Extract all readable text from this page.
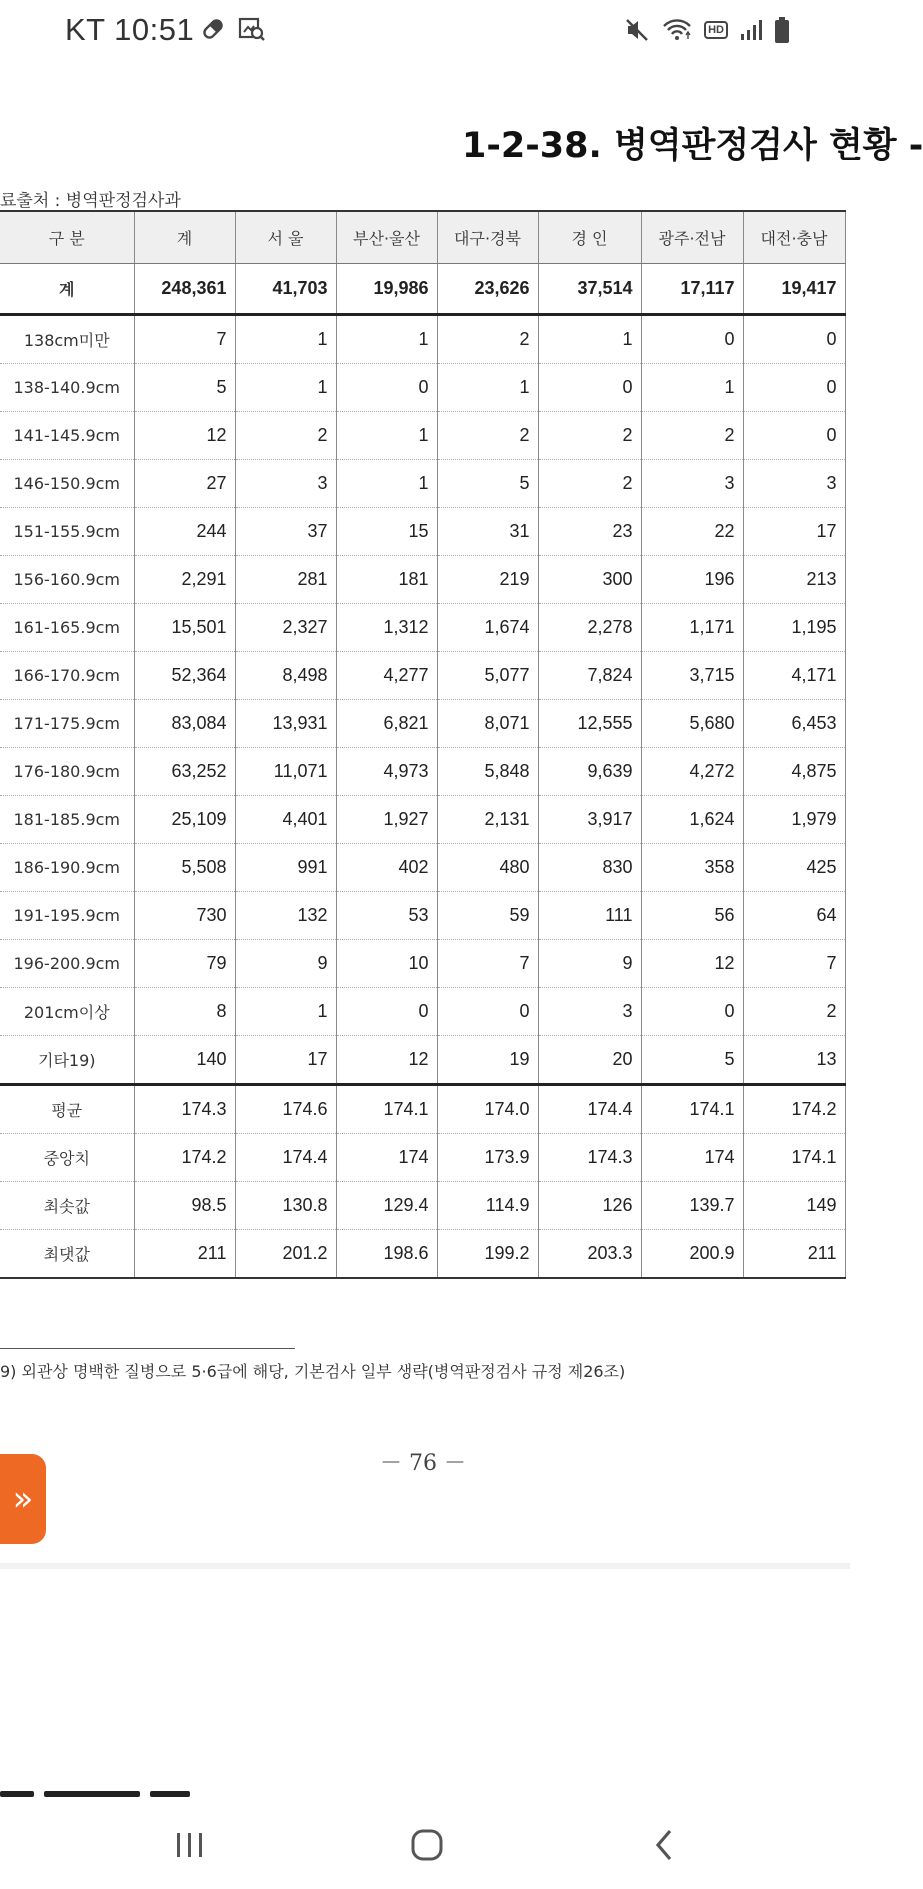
KT 10:51	HD
1-2-38. 병역판정검사 현황 -
료출처 : 병역판정검사과
구 분	계	서 울	부산·울산	대구·경북	경 인	광주·전남	대전·충남
계	248,361	41,703	19,986	23,626	37,514	17,117	19,417
138cm미만	7	1	1	2	1	0	0
138-140.9cm	5	1	0	1	0	1	0
141-145.9cm	12	2	1	2	2	2	0
146-150.9cm	27	3	1	5	2	3	3
151-155.9cm	244	37	15	31	23	22	17
156-160.9cm	2,291	281	181	219	300	196	213
161-165.9cm	15,501	2,327	1,312	1,674	2,278	1,171	1,195
166-170.9cm	52,364	8,498	4,277	5,077	7,824	3,715	4,171
171-175.9cm	83,084	13,931	6,821	8,071	12,555	5,680	6,453
176-180.9cm	63,252	11,071	4,973	5,848	9,639	4,272	4,875
181-185.9cm	25,109	4,401	1,927	2,131	3,917	1,624	1,979
186-190.9cm	5,508	991	402	480	830	358	425
191-195.9cm	730	132	53	59	111	56	64
196-200.9cm	79	9	10	7	9	12	7
201cm이상	8	1	0	0	3	0	2
기타19)	140	17	12	19	20	5	13
평균	174.3	174.6	174.1	174.0	174.4	174.1	174.2
중앙치	174.2	174.4	174	173.9	174.3	174	174.1
최솟값	98.5	130.8	129.4	114.9	126	139.7	149
최댓값	211	201.2	198.6	199.2	203.3	200.9	211
9) 외관상 명백한 질병으로 5·6급에 해당, 기본검사 일부 생략(병역판정검사 규정 제26조)
－ 76 －
»
